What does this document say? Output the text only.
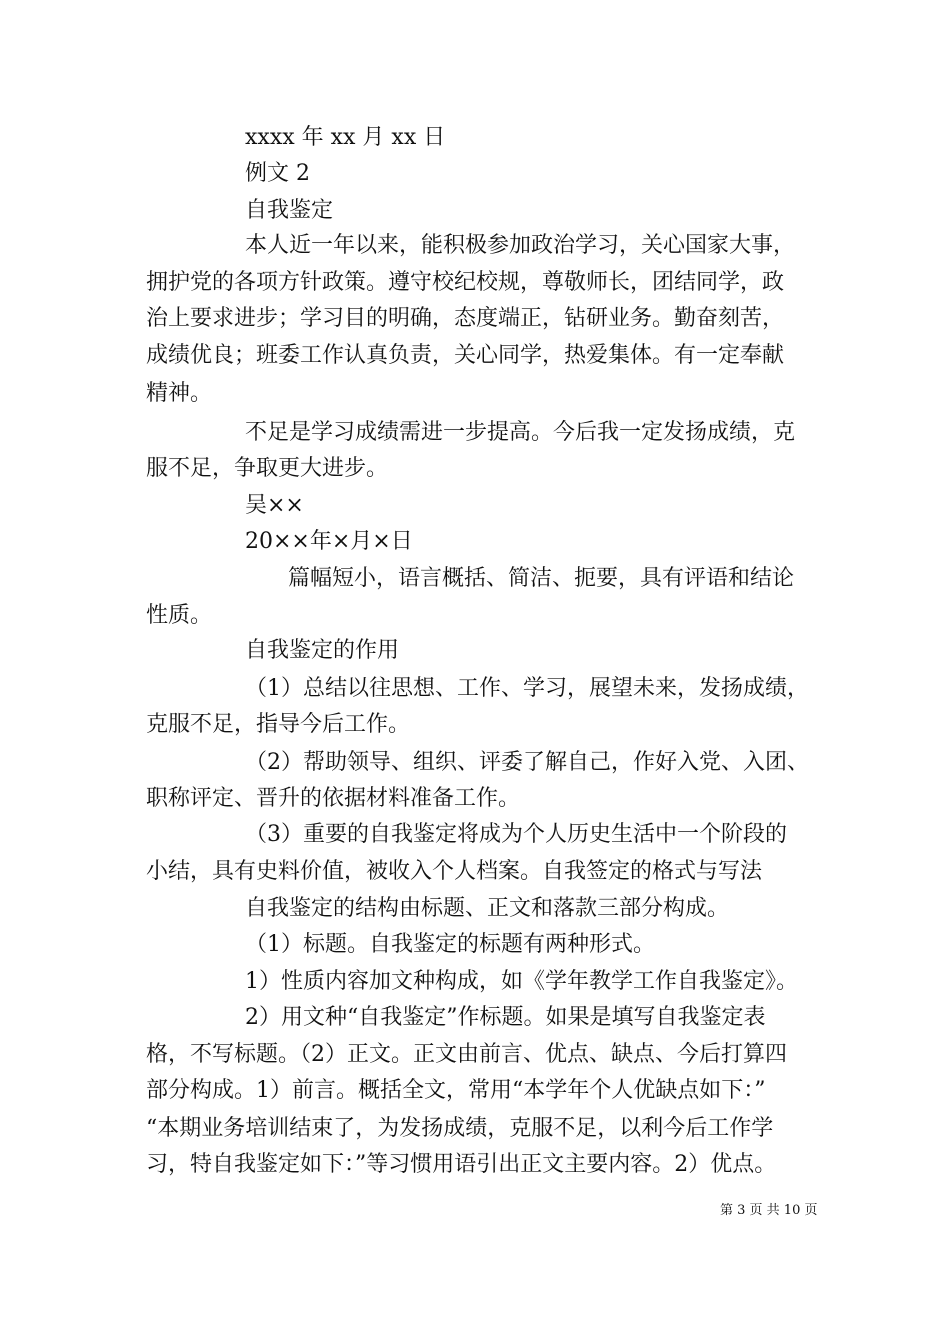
xxxx 年 xx 月 xx 日
例文 2
自我鉴定
本人近一年以来，能积极参加政治学习，关心国家大事，
拥护党的各项方针政策。遵守校纪校规，尊敬师长，团结同学，政
治上要求进步；学习目的明确，态度端正，钻研业务。勤奋刻苦，
成绩优良；班委工作认真负责，关心同学，热爱集体。有一定奉献
精神。
不足是学习成绩需进一步提高。今后我一定发扬成绩，克
服不足，争取更大进步。
吴××
20××年×月×日
篇幅短小，语言概括、简洁、扼要，具有评语和结论
性质。
自我鉴定的作用
（1）总结以往思想、工作、学习，展望未来，发扬成绩，
克服不足，指导今后工作。
（2）帮助领导、组织、评委了解自己，作好入党、入团、
职称评定、晋升的依据材料准备工作。
（3）重要的自我鉴定将成为个人历史生活中一个阶段的
小结，具有史料价值，被收入个人档案。自我签定的格式与写法
自我鉴定的结构由标题、正文和落款三部分构成。
（1）标题。自我鉴定的标题有两种形式。
1）性质内容加文种构成，如《学年教学工作自我鉴定》。
2）用文种“自我鉴定”作标题。如果是填写自我鉴定表
格，不写标题。（2）正文。正文由前言、优点、缺点、今后打算四
部分构成。1）前言。概括全文，常用“本学年个人优缺点如下：”
“本期业务培训结束了，为发扬成绩，克服不足，以利今后工作学
习，特自我鉴定如下：”等习惯用语引出正文主要内容。2）优点。
第 3 页 共 10 页
